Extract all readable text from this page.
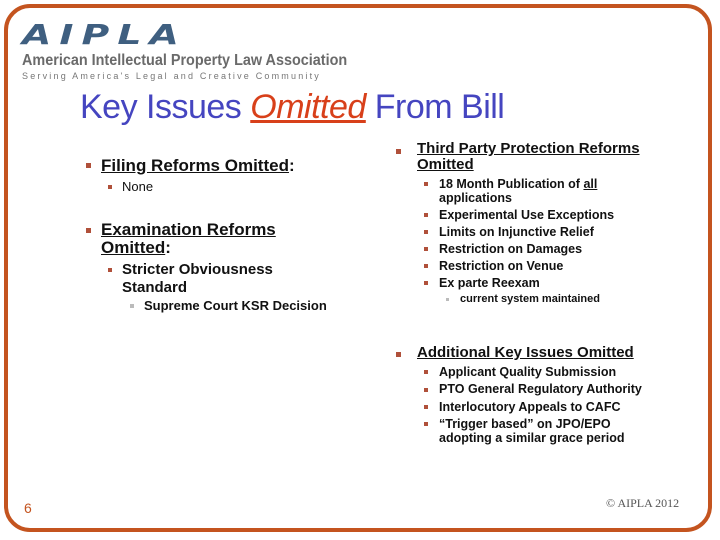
AIPLA
American Intellectual Property Law Association
Serving America's Legal and Creative Community
Key Issues Omitted From Bill
Filing Reforms Omitted:
None
Examination Reforms Omitted:
Stricter Obviousness Standard
Supreme Court KSR Decision
Third Party Protection Reforms Omitted
18 Month Publication of all
applications
Experimental Use Exceptions
Limits on Injunctive Relief
Restriction on Damages
Restriction on Venue
Ex parte Reexam
current system maintained
Additional Key Issues Omitted
Applicant Quality Submission
PTO General Regulatory Authority
Interlocutory Appeals to CAFC
“Trigger based” on JPO/EPO adopting a similar grace period
6	© AIPLA 2012
